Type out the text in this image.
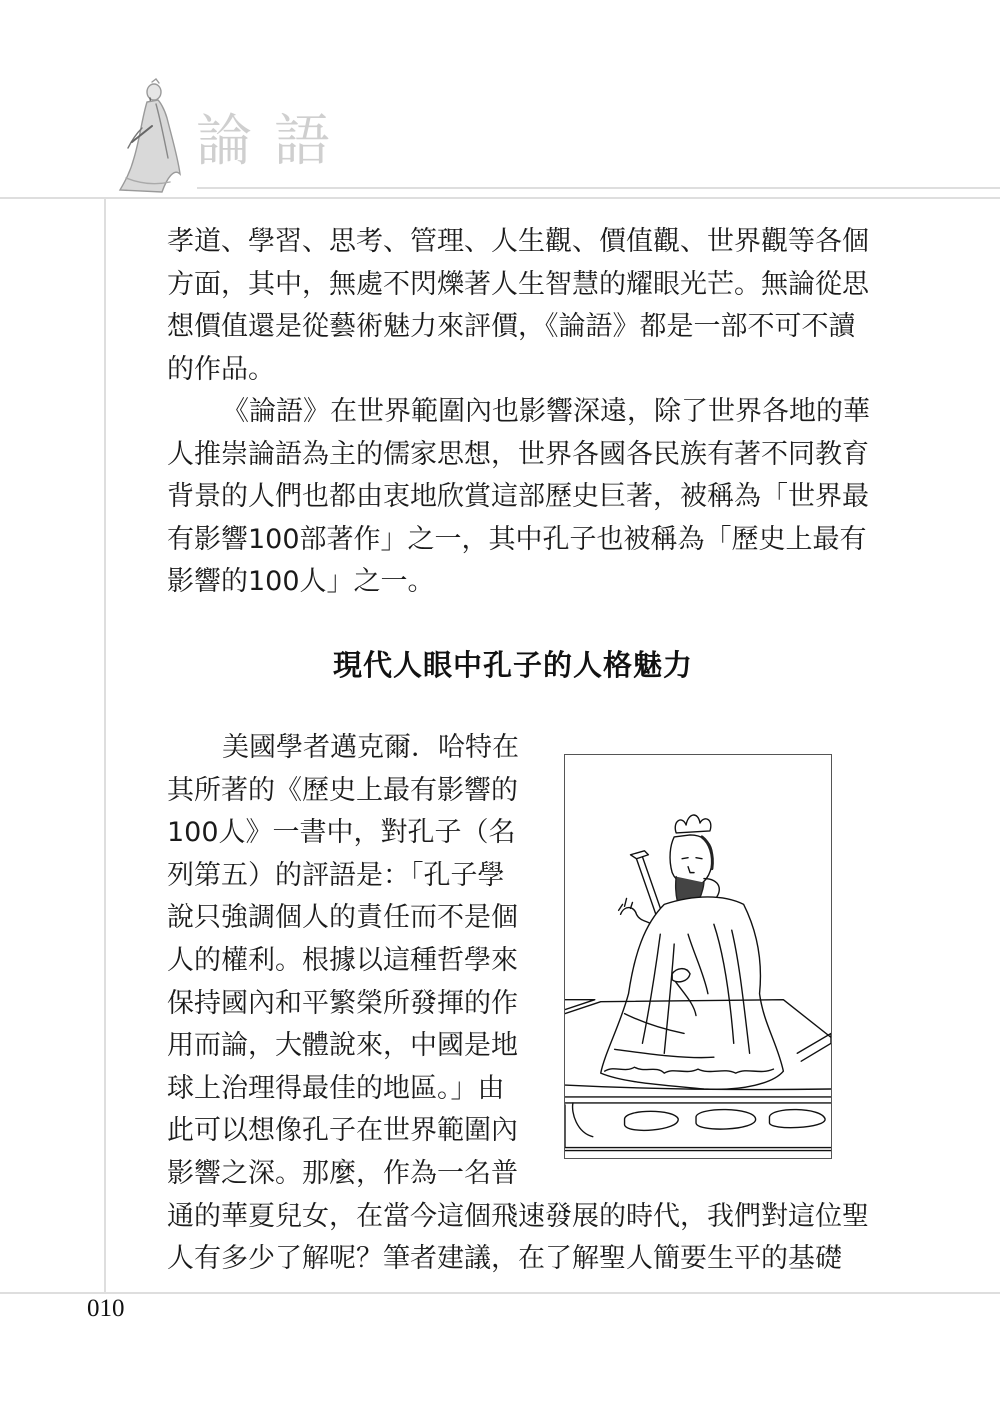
論語
孝道、學習、思考、管理、人生觀、價值觀、世界觀等各個
方面，其中，無處不閃爍著人生智慧的耀眼光芒。無論從思
想價值還是從藝術魅力來評價，《論語》都是一部不可不讀
的作品。
《論語》在世界範圍內也影響深遠，除了世界各地的華
人推崇論語為主的儒家思想，世界各國各民族有著不同教育
背景的人們也都由衷地欣賞這部歷史巨著，被稱為「世界最
有影響100部著作」之一，其中孔子也被稱為「歷史上最有
影響的100人」之一。
現代人眼中孔子的人格魅力
美國學者邁克爾．哈特在
其所著的《歷史上最有影響的
100人》一書中，對孔子（名
列第五）的評語是：「孔子學
說只強調個人的責任而不是個
人的權利。根據以這種哲學來
保持國內和平繁榮所發揮的作
用而論，大體說來，中國是地
球上治理得最佳的地區。」由
此可以想像孔子在世界範圍內
影響之深。那麼，作為一名普
通的華夏兒女，在當今這個飛速發展的時代，我們對這位聖
人有多少了解呢？筆者建議，在了解聖人簡要生平的基礎
010
